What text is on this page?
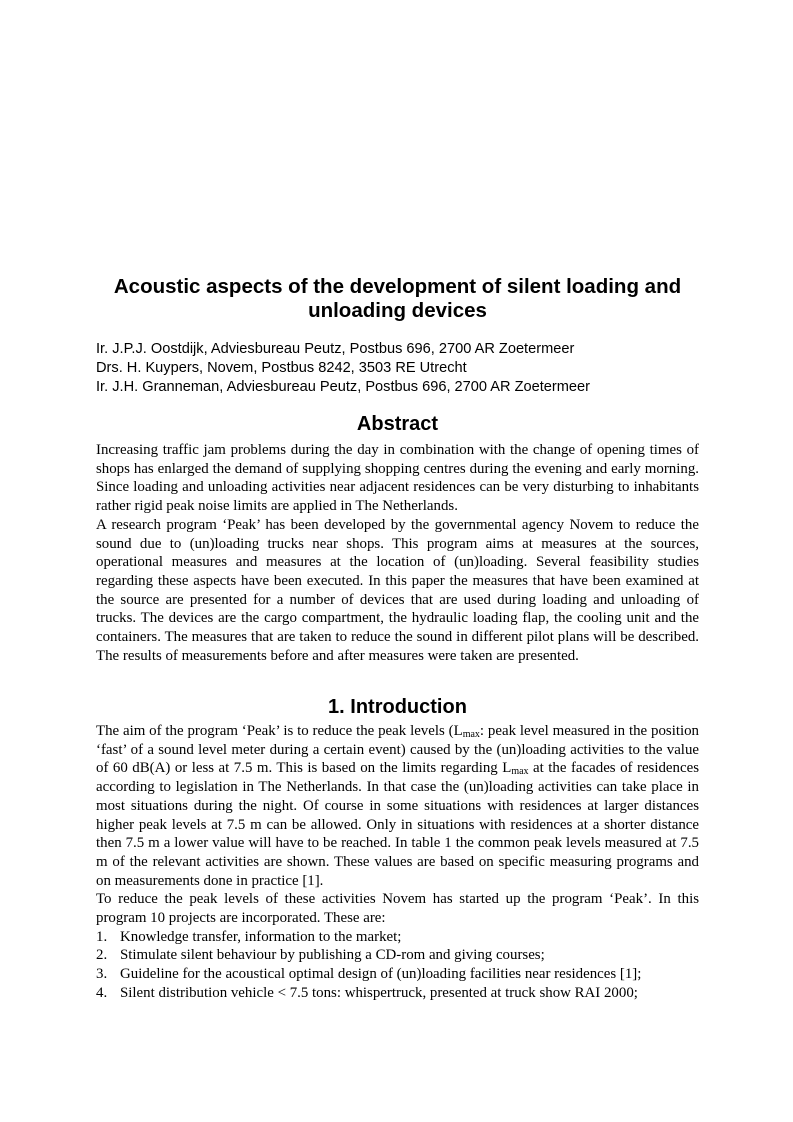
Acoustic aspects of the development of silent loading and unloading devices
Ir. J.P.J. Oostdijk, Adviesbureau Peutz, Postbus 696, 2700 AR Zoetermeer
Drs. H. Kuypers, Novem, Postbus 8242, 3503 RE Utrecht
Ir. J.H. Granneman, Adviesbureau Peutz, Postbus 696, 2700 AR Zoetermeer
Abstract

Increasing traffic jam problems during the day in combination with the change of opening times of shops has enlarged the demand of supplying shopping centres during the evening and early morning. Since loading and unloading activities near adjacent residences can be very disturbing to inhabitants rather rigid peak noise limits are applied in The Netherlands.

A research program ‘Peak’ has been developed by the governmental agency Novem to reduce the sound due to (un)loading trucks near shops. This program aims at measures at the sources, operational measures and measures at the location of (un)loading. Several feasibility studies regarding these aspects have been executed. In this paper the measures that have been examined at the source are presented for a number of devices that are used during loading and unloading of trucks. The devices are the cargo compartment, the hydraulic loading flap, the cooling unit and the containers. The measures that are taken to reduce the sound in different pilot plans will be described. The results of measurements before and after measures were taken are presented.

1. Introduction

The aim of the program ‘Peak’ is to reduce the peak levels ($L_{max}$: peak level measured in the position ‘fast’ of a sound level meter during a certain event) caused by the (un)loading activities to the value of 60 dB(A) or less at 7.5 m. This is based on the limits regarding $L_{max}$ at the facades of residences according to legislation in The Netherlands. In that case the (un)loading activities can take place in most situations during the night. Of course in some situations with residences at larger distances higher peak levels at 7.5 m can be allowed. Only in situations with residences at a shorter distance then 7.5 m a lower value will have to be reached. In table 1 the common peak levels measured at 7.5 m of the relevant activities are shown. These values are based on specific measuring programs and on measurements done in practice [1].

To reduce the peak levels of these activities Novem has started up the program ‘Peak’. In this program 10 projects are incorporated. These are:

1. Knowledge transfer, information to the market;
2. Stimulate silent behaviour by publishing a CD-rom and giving courses;
3. Guideline for the acoustical optimal design of (un)loading facilities near residences [1];
4. Silent distribution vehicle < 7.5 tons: whispertruck, presented at truck show RAI 2000;
